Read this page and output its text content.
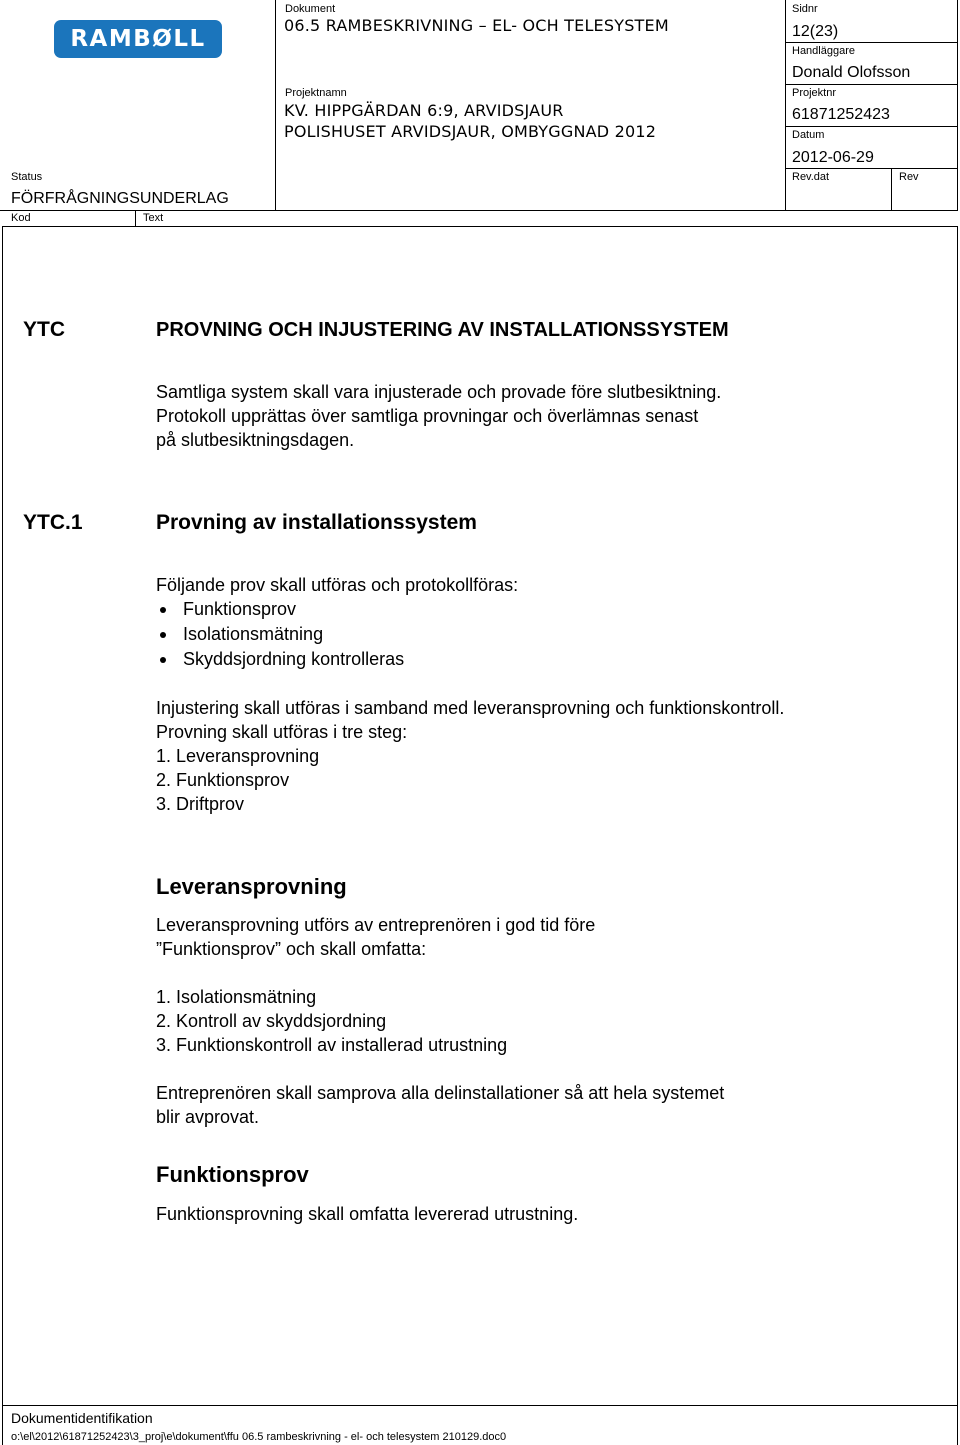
RAMBØLL
Dokument
06.5 RAMBESKRIVNING – EL- OCH TELESYSTEM
Projektnamn
KV. HIPPGÄRDAN 6:9, ARVIDSJAUR
POLISHUSET ARVIDSJAUR, OMBYGGNAD 2012
Sidnr
12(23)
Handläggare
Donald Olofsson
Projektnr
61871252423
Datum
2012-06-29
Rev.dat	Rev
Status
FÖRFRÅGNINGSUNDERLAG
Kod	Text
YTC	PROVNING OCH INJUSTERING AV INSTALLATIONSSYSTEM
Samtliga system skall vara injusterade och provade före slutbesiktning.
Protokoll upprättas över samtliga provningar och överlämnas senast
på slutbesiktningsdagen.
YTC.1	Provning av installationssystem
Följande prov skall utföras och protokollföras:
Funktionsprov
Isolationsmätning
Skyddsjordning kontrolleras
Injustering skall utföras i samband med leveransprovning och funktionskontroll.
Provning skall utföras i tre steg:
1. Leveransprovning
2. Funktionsprov
3. Driftprov
Leveransprovning
Leveransprovning utförs av entreprenören i god tid före
”Funktionsprov” och skall omfatta:
1. Isolationsmätning
2. Kontroll av skyddsjordning
3. Funktionskontroll av installerad utrustning
Entreprenören skall samprova alla delinstallationer så att hela systemet
blir avprovat.
Funktionsprov
Funktionsprovning skall omfatta levererad utrustning.
Dokumentidentifikation
o:\el\2012\61871252423\3_proj\e\dokument\ffu 06.5 rambeskrivning - el- och telesystem 210129.doc0
